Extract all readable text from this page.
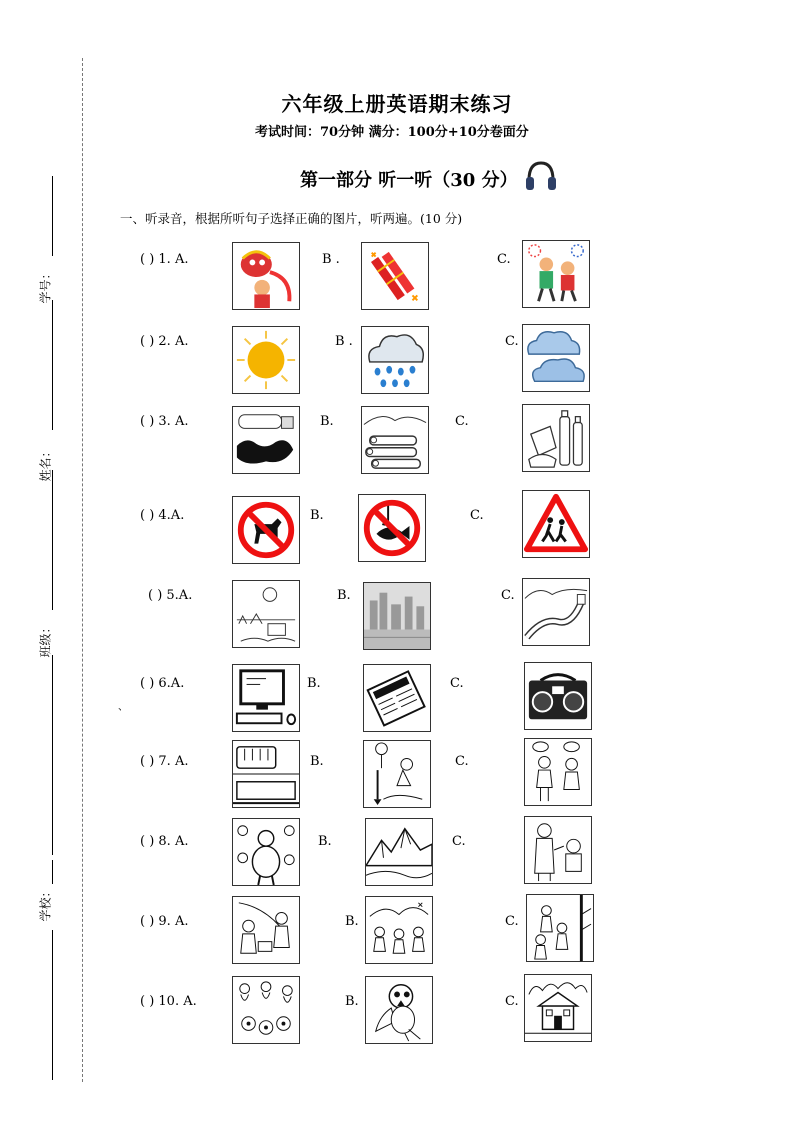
学号：
姓名：
班级：
学校：
、
六年级上册英语期末练习
考试时间：70分钟 满分：100分+10分卷面分
第一部分 听一听（30 分）
一、听录音，根据所听句子选择正确的图片，听两遍。(10 分)
( ) 1. A.	B .	C.
( ) 2. A.	B .	C.
( ) 3. A.	B.	C.
( ) 4.A.	B.	C.
( ) 5.A.	B.	C.
( ) 6.A.	B.	C.
( ) 7. A.	B.	C.
( ) 8. A.	B.	C.
( ) 9. A.	B.	C.
( ) 10. A.	B.	C.
